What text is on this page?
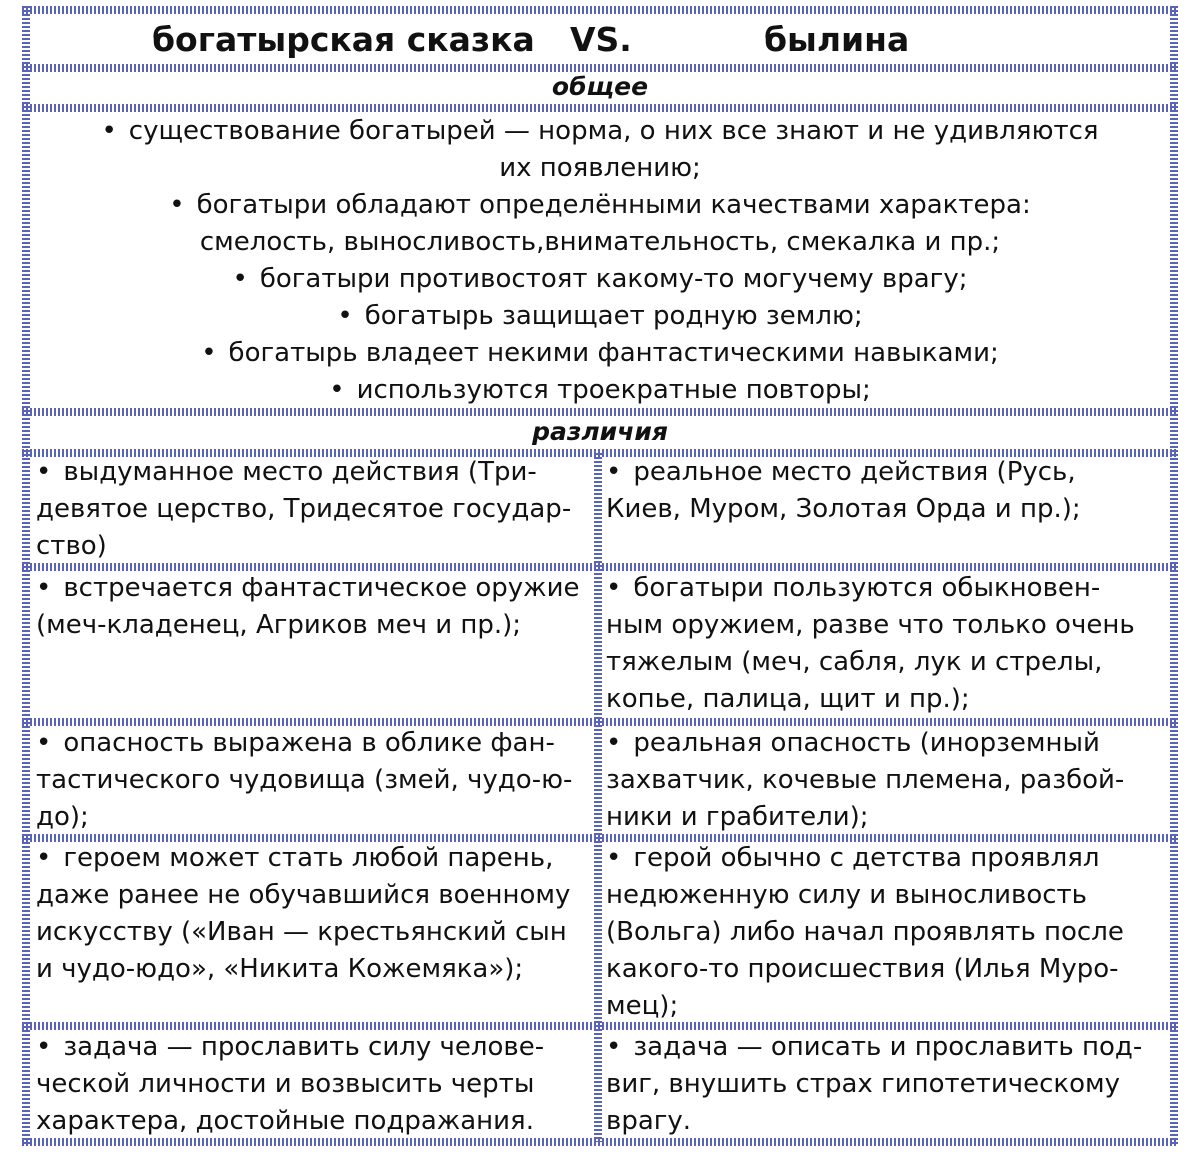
богатырская сказка VS.	былина
общее
• существование богатырей — норма, о них все знают и не удивляются
их появлению;
• богатыри обладают определёнными качествами характера:
смелость, выносливость,внимательность, смекалка и пр.;
• богатыри противостоят какому-то могучему врагу;
• богатырь защищает родную землю;
• богатырь владеет некими фантастическими навыками;
• используются троекратные повторы;
различия
• выдуманное место действия (Три-
девятое церство, Тридесятое государ-
ство)
• реальное место действия (Русь,
Киев, Муром, Золотая Орда и пр.);
• встречается фантастическое оружие
(меч-кладенец, Агриков меч и пр.);
• богатыри пользуются обыкновен-
ным оружием, разве что только очень
тяжелым (меч, сабля, лук и стрелы,
копье, палица, щит и пр.);
• опасность выражена в облике фан-
тастического чудовища (змей, чудо-ю-
до);
• реальная опасность (инорземный
захватчик, кочевые племена, разбой-
ники и грабители);
• героем может стать любой парень,
даже ранее не обучавшийся военному
искусству («Иван — крестьянский сын
и чудо-юдо», «Никита Кожемяка»);
• герой обычно с детства проявлял
недюженную силу и выносливость
(Вольга) либо начал проявлять после
какого-то происшествия (Илья Муро-
мец);
• задача — прославить силу челове-
ческой личности и возвысить черты
характера, достойные подражания.
• задача — описать и прославить под-
виг, внушить страх гипотетическому
врагу.
